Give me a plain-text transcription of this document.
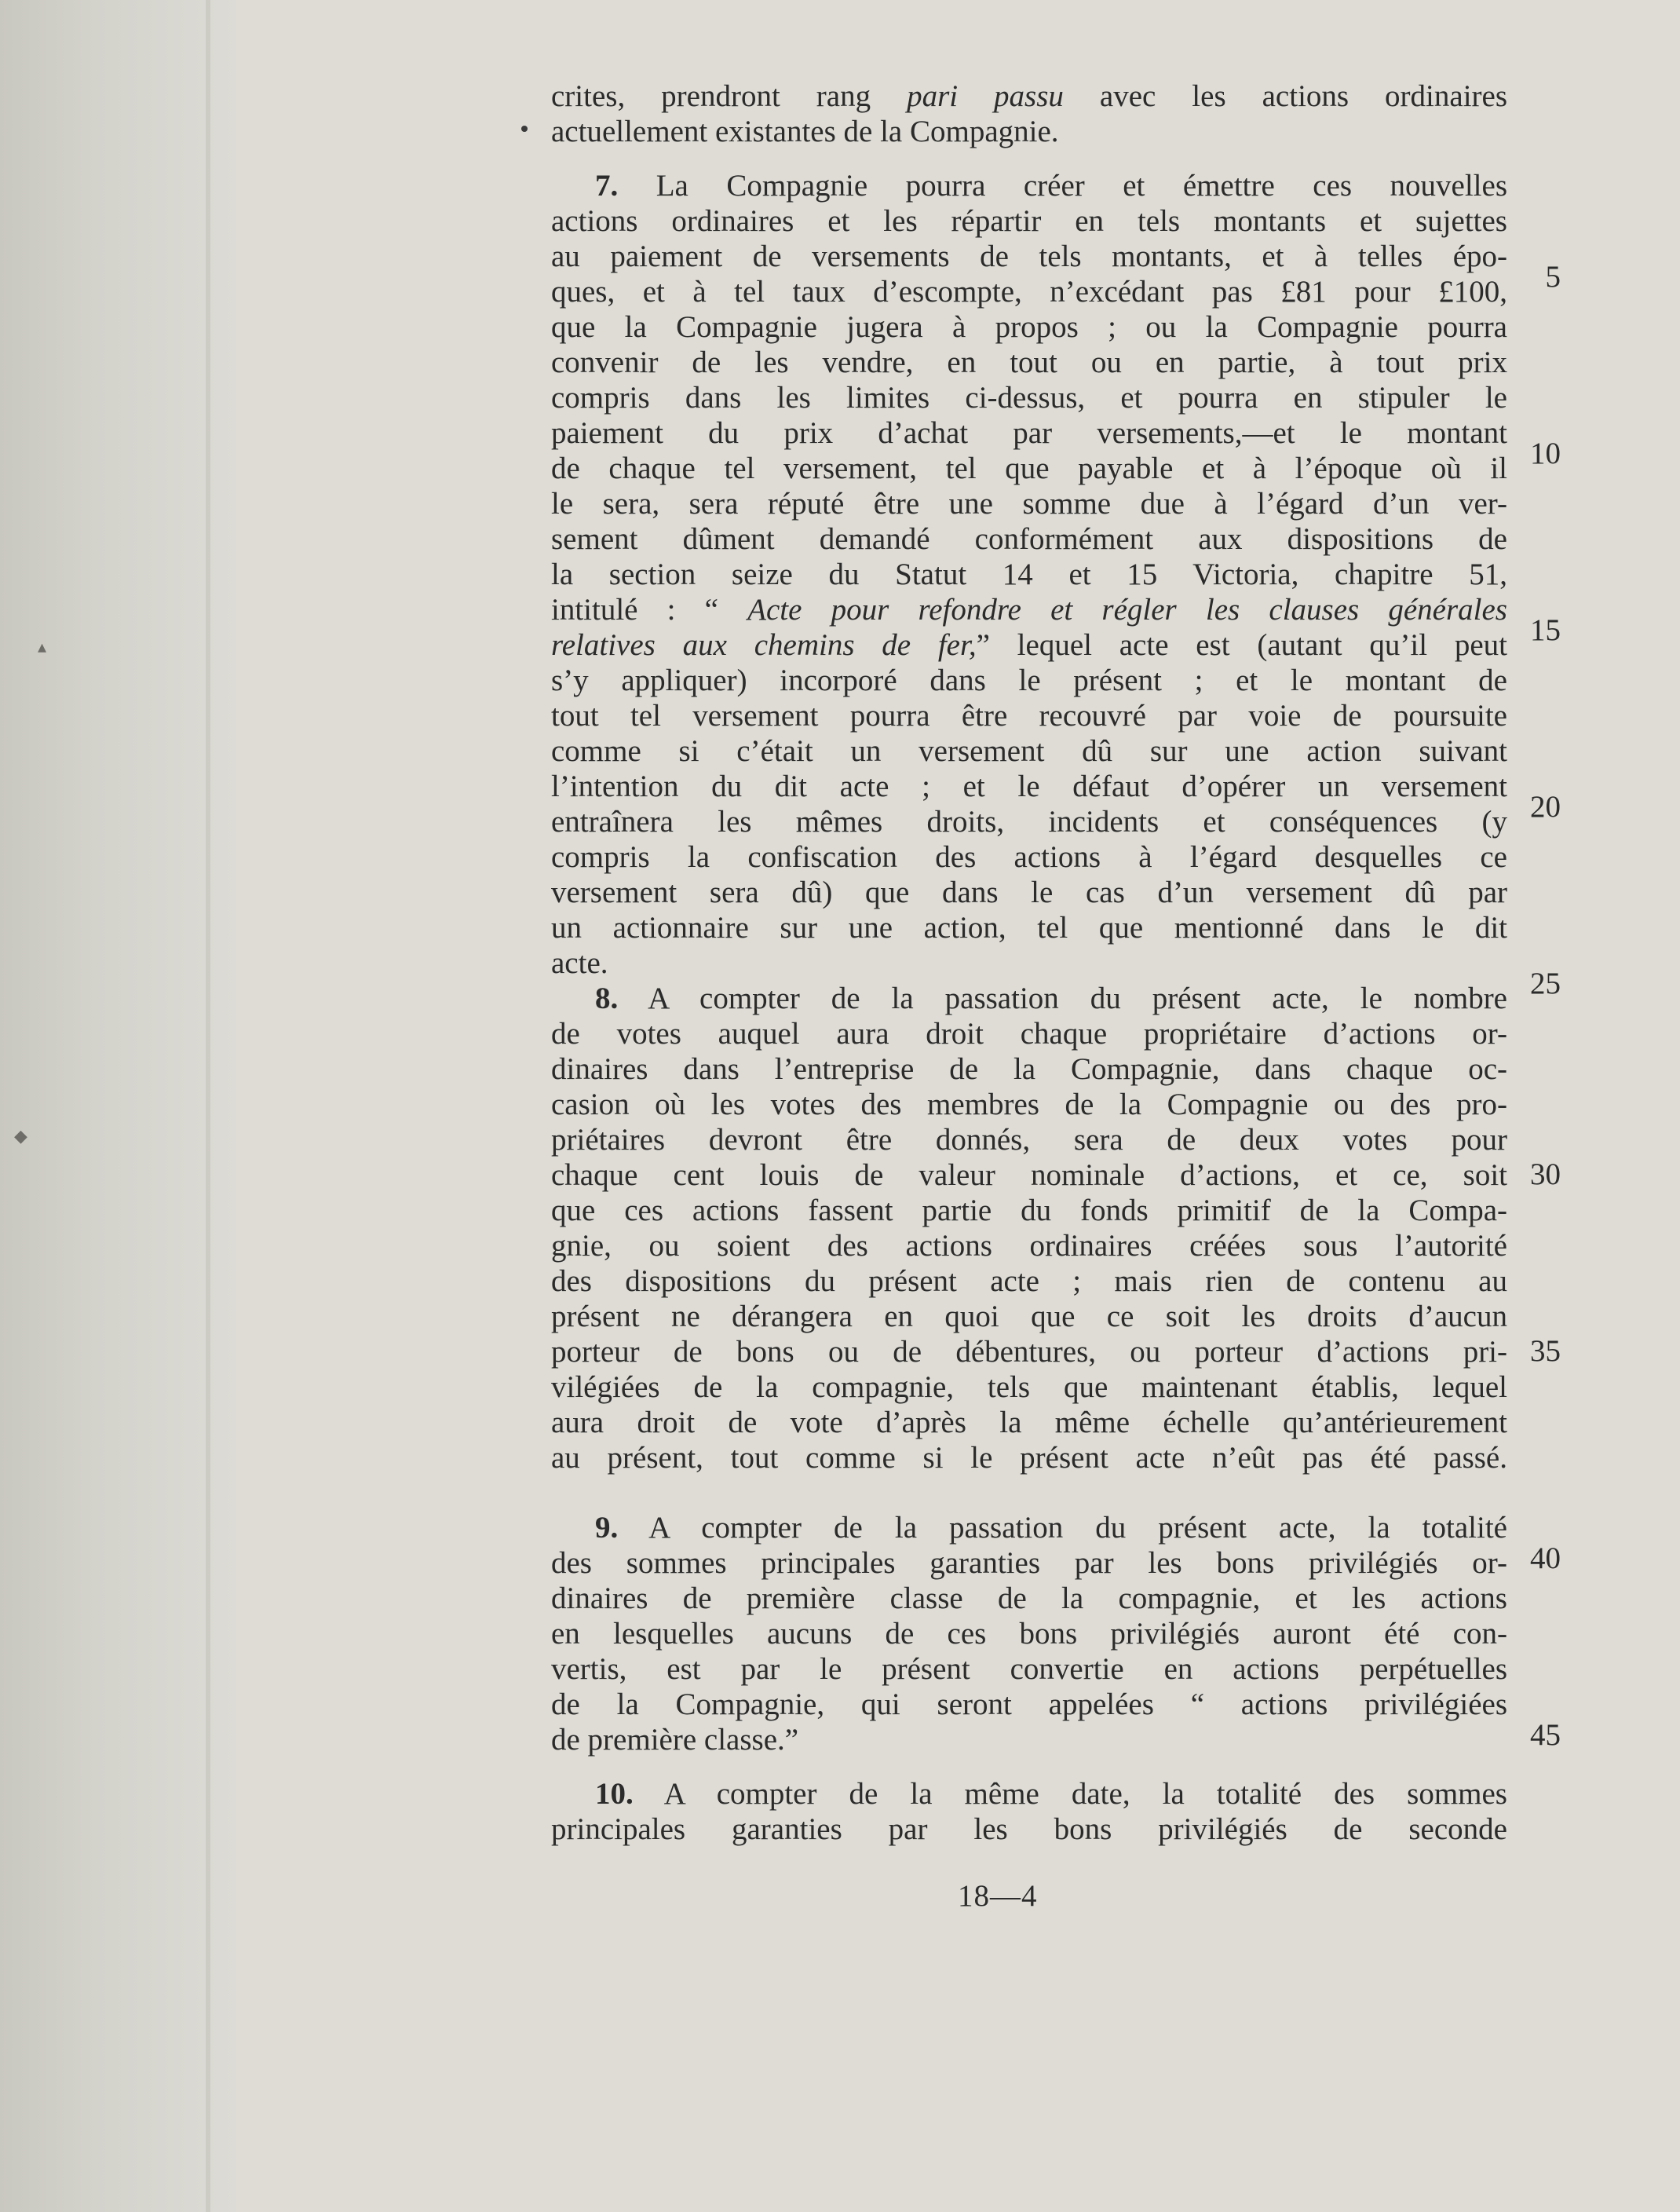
▴
◆
crites, prendront rang pari passu avec les actions ordinaires
actuellement existantes de la Compagnie.
7. La Compagnie pourra créer et émettre ces nouvelles
actions ordinaires et les répartir en tels montants et sujettes
au paiement de versements de tels montants, et à telles épo-
ques, et à tel taux d’escompte, n’excédant pas £81 pour £100,
que la Compagnie jugera à propos ; ou la Compagnie pourra
convenir de les vendre, en tout ou en partie, à tout prix
compris dans les limites ci-dessus, et pourra en stipuler le
paiement du prix d’achat par versements,—et le montant
de chaque tel versement, tel que payable et à l’époque où il
le sera, sera réputé être une somme due à l’égard d’un ver-
sement dûment demandé conformément aux dispositions de
la section seize du Statut 14 et 15 Victoria, chapitre 51,
intitulé : “ Acte pour refondre et régler les clauses générales
relatives aux chemins de fer,” lequel acte est (autant qu’il peut
s’y appliquer) incorporé dans le présent ; et le montant de
tout tel versement pourra être recouvré par voie de poursuite
comme si c’était un versement dû sur une action suivant
l’intention du dit acte ; et le défaut d’opérer un versement
entraînera les mêmes droits, incidents et conséquences (y
compris la confiscation des actions à l’égard desquelles ce
versement sera dû) que dans le cas d’un versement dû par
un actionnaire sur une action, tel que mentionné dans le dit
acte.
8. A compter de la passation du présent acte, le nombre
de votes auquel aura droit chaque propriétaire d’actions or-
dinaires dans l’entreprise de la Compagnie, dans chaque oc-
casion où les votes des membres de la Compagnie ou des pro-
priétaires devront être donnés, sera de deux votes pour
chaque cent louis de valeur nominale d’actions, et ce, soit
que ces actions fassent partie du fonds primitif de la Compa-
gnie, ou soient des actions ordinaires créées sous l’autorité
des dispositions du présent acte ; mais rien de contenu au
présent ne dérangera en quoi que ce soit les droits d’aucun
porteur de bons ou de débentures, ou porteur d’actions pri-
vilégiées de la compagnie, tels que maintenant établis, lequel
aura droit de vote d’après la même échelle qu’antérieurement
au présent, tout comme si le présent acte n’eût pas été passé.
9. A compter de la passation du présent acte, la totalité
des sommes principales garanties par les bons privilégiés or-
dinaires de première classe de la compagnie, et les actions
en lesquelles aucuns de ces bons privilégiés auront été con-
vertis, est par le présent convertie en actions perpétuelles
de la Compagnie, qui seront appelées “ actions privilégiées
de première classe.”
10. A compter de la même date, la totalité des sommes
principales garanties par les bons privilégiés de seconde
5
10
15
20
25
30
35
40
45
18—4
